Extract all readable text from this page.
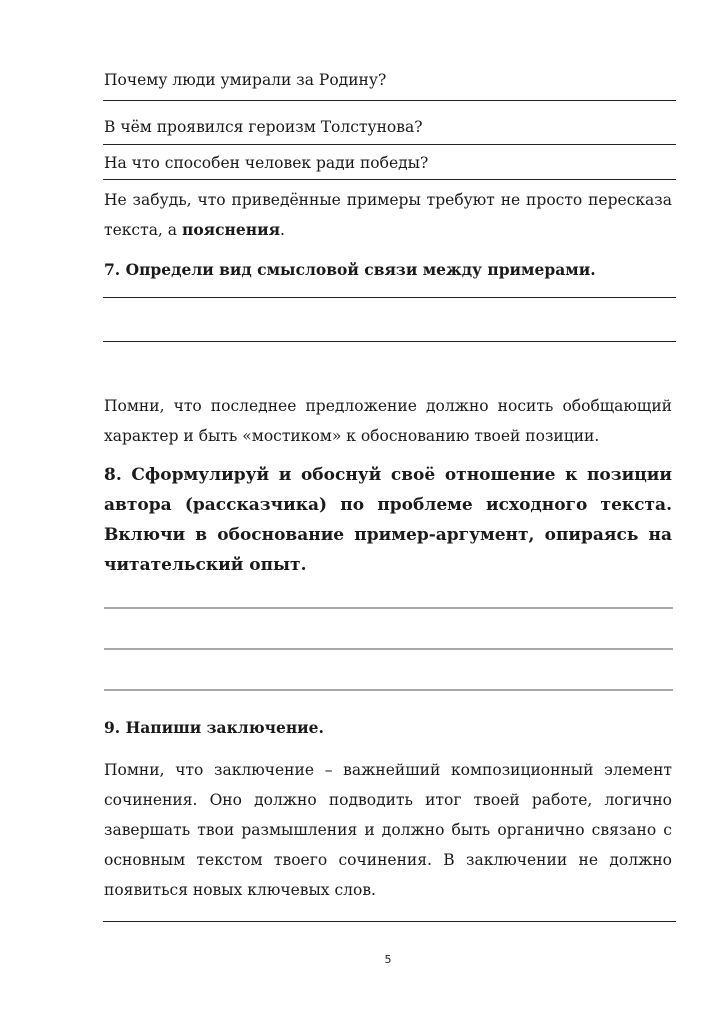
Почему люди умирали за Родину?
В чём проявился героизм Толстунова?
На что способен человек ради победы?
Не забудь, что приведённые примеры требуют не просто пересказа текста, а пояснения.
7. Определи вид смысловой связи между примерами.
Помни, что последнее предложение должно носить обобщающий характер и быть «мостиком» к обоснованию твоей позиции.
8. Сформулируй и обоснуй своё отношение к позиции автора (рассказчика) по проблеме исходного текста. Включи в обоснование пример-аргумент, опираясь на читательский опыт.
9. Напиши заключение.
Помни, что заключение – важнейший композиционный элемент сочинения. Оно должно подводить итог твоей работе, логично завершать твои размышления и должно быть органично связано с основным текстом твоего сочинения. В заключении не должно появиться новых ключевых слов.
5
